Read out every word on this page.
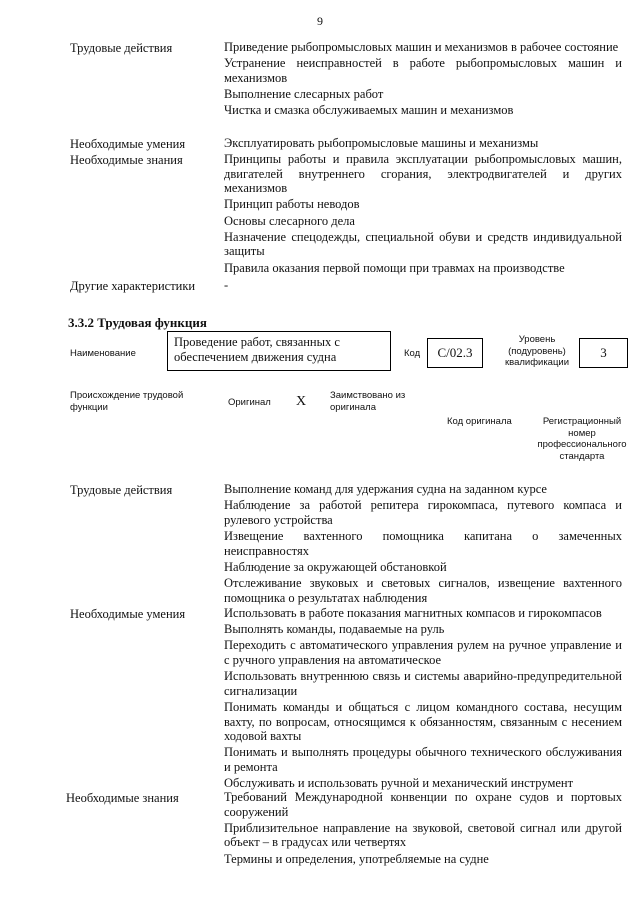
9
Трудовые действия	Приведение рыбопромысловых машин и механизмов в рабочее состояние
Устранение неисправностей в работе рыбопромысловых машин и механизмов
Выполнение слесарных работ
Чистка и смазка обслуживаемых машин и механизмов
Необходимые умения	Эксплуатировать рыбопромысловые машины и механизмы
Необходимые знания	Принципы работы и правила эксплуатации рыбопромысловых машин, двигателей внутреннего сгорания, электродвигателей и других механизмов
Принцип работы неводов
Основы слесарного дела
Назначение спецодежды, специальной обуви и средств индивидуальной защиты
Правила оказания первой помощи при травмах на производстве
Другие характеристики -
3.3.2 Трудовая функция
Наименование
Проведение работ, связанных с обеспечением движения судна	Код	C/02.3
Уровень (подуровень) квалификации
3
Происхождение трудовой функции	Оригинал X	Заимствовано из оригинала
Код оригинала	Регистрационный номер профессионального стандарта
Трудовые действия	Выполнение команд для удержания судна на заданном курсе
Наблюдение за работой репитера гирокомпаса, путевого компаса и рулевого устройства
Извещение вахтенного помощника капитана о замеченных неисправностях
Наблюдение за окружающей обстановкой
Отслеживание звуковых и световых сигналов, извещение вахтенного помощника о результатах наблюдения
Необходимые умения	Использовать в работе показания магнитных компасов и гирокомпасов
Выполнять команды, подаваемые на руль
Переходить с автоматического управления рулем на ручное управление и с ручного управления на автоматическое
Использовать внутреннюю связь и системы аварийно-предупредительной сигнализации
Понимать команды и общаться с лицом командного состава, несущим вахту, по вопросам, относящимся к обязанностям, связанным с несением ходовой вахты
Понимать и выполнять процедуры обычного технического обслуживания и ремонта
Обслуживать и использовать ручной и механический инструмент
Необходимые знания	Требований Международной конвенции по охране судов и портовых сооружений
Приблизительное направление на звуковой, световой сигнал или другой объект – в градусах или четвертях
Термины и определения, употребляемые на судне
